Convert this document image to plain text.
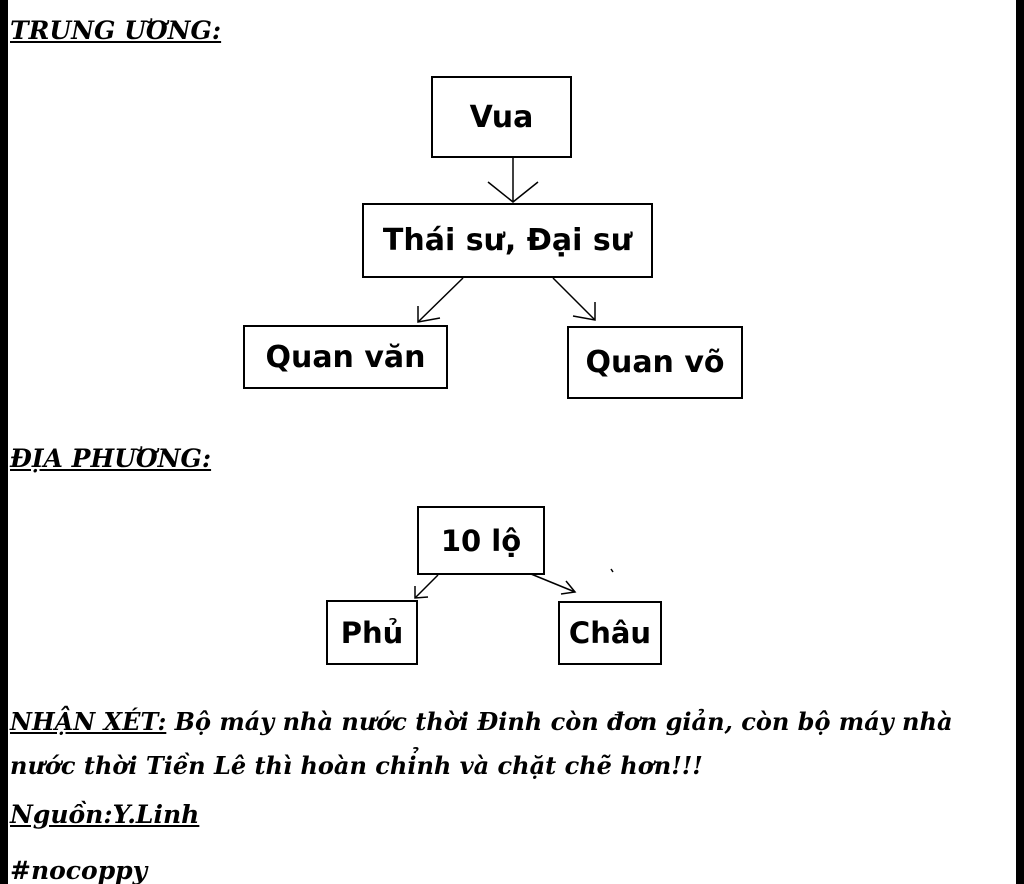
TRUNG ƯƠNG:
Vua
Thái sư, Đại sư
Quan văn	Quan võ
ĐỊA PHƯƠNG:
10 lộ
Phủ	Châu

NHẬN XÉT: Bộ máy nhà nước thời Đinh còn đơn giản, còn bộ máy nhà nước thời Tiền Lê thì hoàn chỉnh và chặt chẽ hơn!!!

Nguồn:Y.Linh
#nocoppy
